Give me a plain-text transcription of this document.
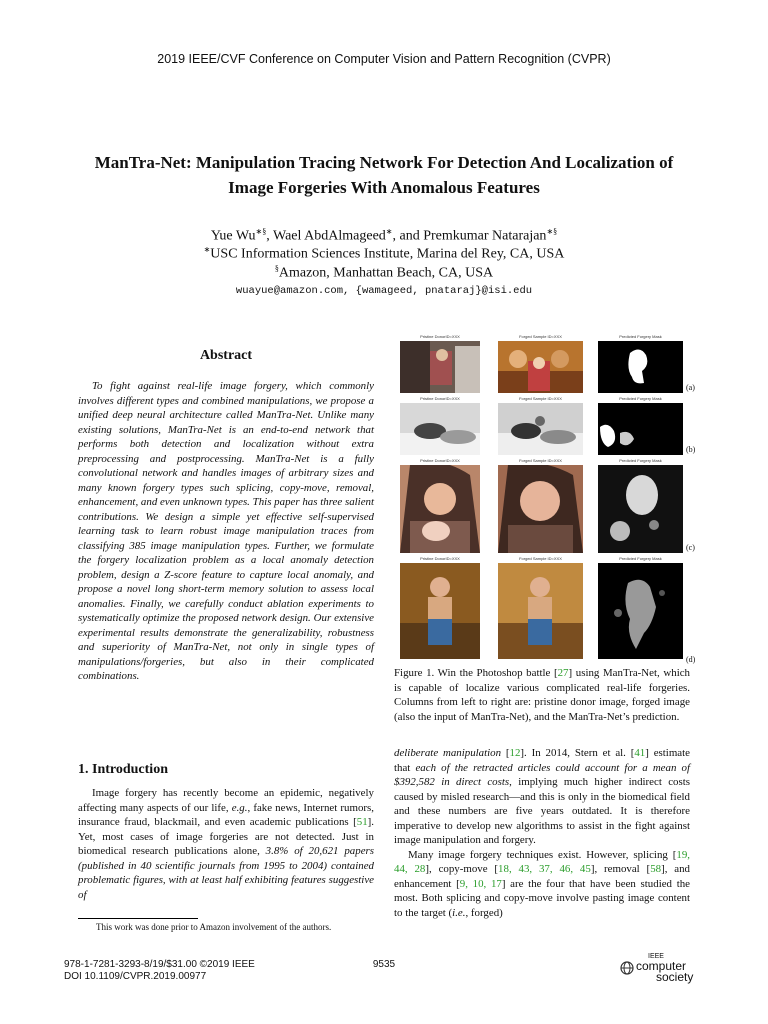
2019 IEEE/CVF Conference on Computer Vision and Pattern Recognition (CVPR)
ManTra-Net: Manipulation Tracing Network For Detection And Localization of
Image Forgeries With Anomalous Features
Yue Wu∗§, Wael AbdAlmageed∗, and Premkumar Natarajan∗§
∗USC Information Sciences Institute, Marina del Rey, CA, USA
§Amazon, Manhattan Beach, CA, USA
wuayue@amazon.com, {wamageed, pnataraj}@isi.edu
Abstract

To fight against real-life image forgery, which commonly involves different types and combined manipulations, we propose a unified deep neural architecture called ManTra-Net. Unlike many existing solutions, ManTra-Net is an end-to-end network that performs both detection and localization without extra preprocessing and postprocessing. ManTra-Net is a fully convolutional network and handles images of arbitrary sizes and many known forgery types such splicing, copy-move, removal, enhancement, and even unknown types. This paper has three salient contributions. We design a simple yet effective self-supervised learning task to learn robust image manipulation traces from classifying 385 image manipulation types. Further, we formulate the forgery localization problem as a local anomaly detection problem, design a Z-score feature to capture local anomaly, and propose a novel long short-term memory solution to assess local anomalies. Finally, we carefully conduct ablation experiments to systematically optimize the proposed network design. Our extensive experimental results demonstrate the generalizability, robustness and superiority of ManTra-Net, not only in single types of manipulations/forgeries, but also in their complicated combinations.

Pristine DonorID=XXX	Forged Sample ID=XXX	Predicted Forgery Mask
(a)
Pristine DonorID=XXX	Forged Sample ID=XXX	Predicted Forgery Mask
(b)
Pristine DonorID=XXX	Forged Sample ID=XXX	Predicted Forgery Mask
(c)
Pristine DonorID=XXX	Forged Sample ID=XXX	Predicted Forgery Mask
(d)

Figure 1. Win the Photoshop battle [27] using ManTra-Net, which is capable of localize various complicated real-life forgeries. Columns from left to right are: pristine donor image, forged image (also the input of ManTra-Net), and the ManTra-Net’s prediction.

1. Introduction

Image forgery has recently become an epidemic, negatively affecting many aspects of our life, e.g., fake news, Internet rumors, insurance fraud, blackmail, and even academic publications [51]. Yet, most cases of image forgeries are not detected. Just in biomedical research publications alone, 3.8% of 20,621 papers (published in 40 scientific journals from 1995 to 2004) contained problematic figures, with at least half exhibiting features suggestive of

This work was done prior to Amazon involvement of the authors.

deliberate manipulation [12]. In 2014, Stern et al. [41] estimate that each of the retracted articles could account for a mean of $392,582 in direct costs, implying much higher indirect costs caused by misled research—and this is only in the biomedical field and these numbers are five years outdated. It is therefore imperative to develop new algorithms to assist in the fight against image manipulation and forgery.

Many image forgery techniques exist. However, splicing [19, 44, 28], copy-move [18, 43, 37, 46, 45], removal [58], and enhancement [9, 10, 17] are the four that have been studied the most. Both splicing and copy-move involve pasting image content to the target (i.e., forged)

978-1-7281-3293-8/19/$31.00 ©2019 IEEE
DOI 10.1109/CVPR.2019.00977
9535
IEEE
computer
society
